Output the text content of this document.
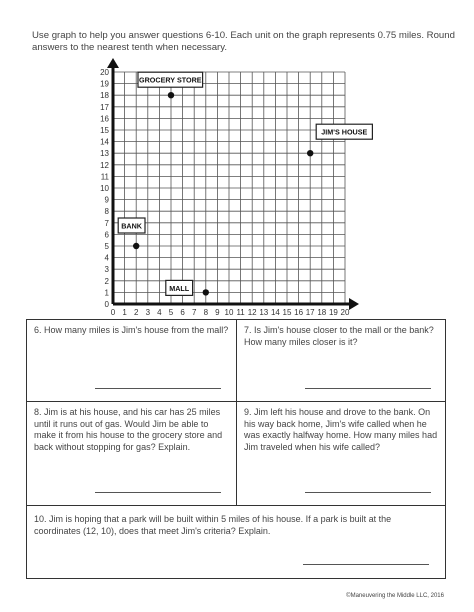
Use graph to help you answer questions 6-10. Each unit on the graph represents 0.75 miles. Round answers to the nearest tenth when necessary.

0
1
2
3
4
5
6
7
8
9
10
11
12
13
14
15
16
17
18
19
20
0 1 2 3 4 5 6 7 8 9 10 11 12 13 14 15 16 17 18 19 20
GROCERY STORE
JIM'S HOUSE
BANK
MALL

6. How many miles is Jim's house from the mall? 7. Is Jim's house closer to the mall or the bank? How many miles closer is it?

8. Jim is at his house, and his car has 25 miles until it runs out of gas. Would Jim be able to make it from his house to the grocery store and back without stopping for gas? Explain.

9. Jim left his house and drove to the bank. On his way back home, Jim's wife called when he was exactly halfway home. How many miles had Jim traveled when his wife called?

10. Jim is hoping that a park will be built within 5 miles of his house. If a park is built at the coordinates (12, 10), does that meet Jim's criteria? Explain.

©Maneuvering the Middle LLC, 2016
